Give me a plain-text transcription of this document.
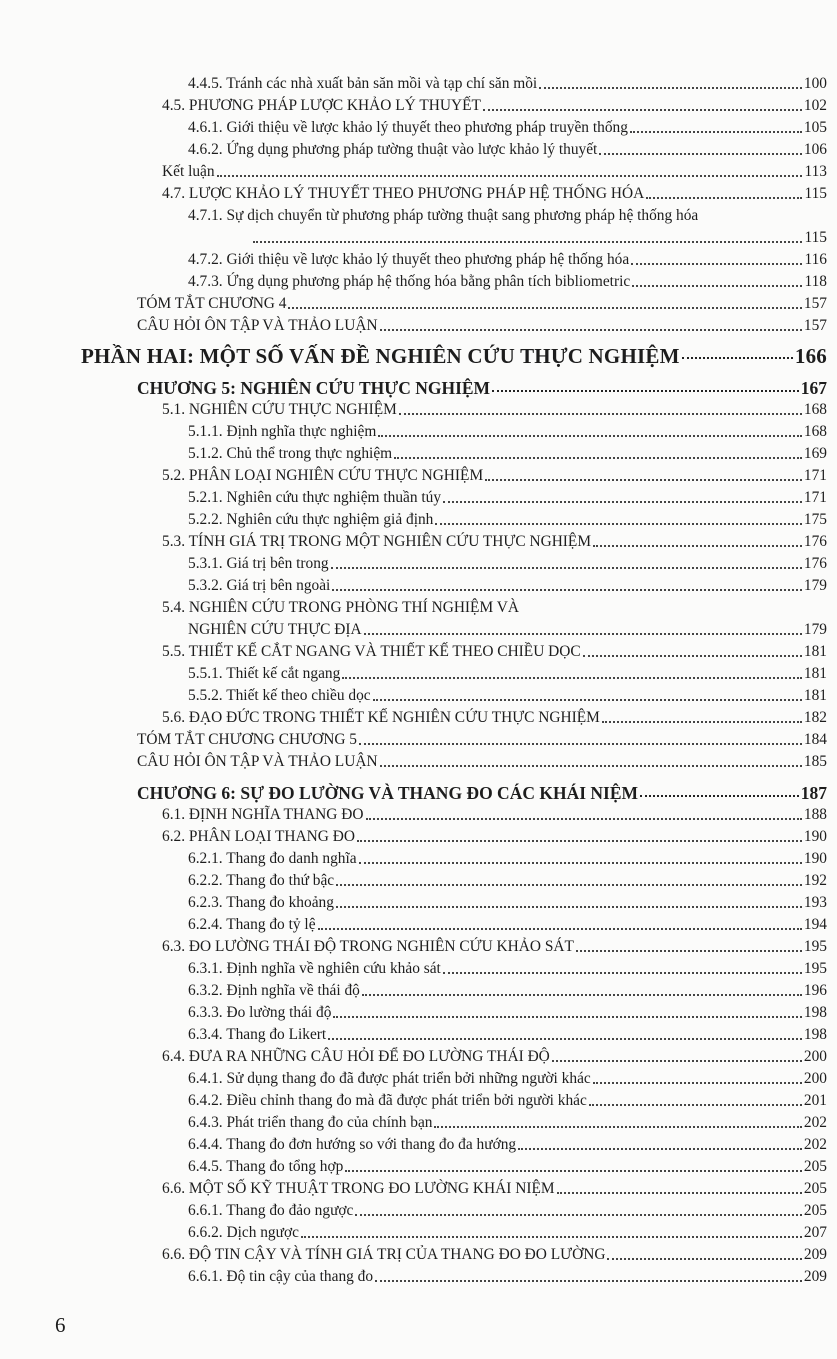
4.4.5. Tránh các nhà xuất bản săn mồi và tạp chí săn mồi	100
4.5. PHƯƠNG PHÁP LƯỢC KHẢO LÝ THUYẾT	102
4.6.1. Giới thiệu về lược khảo lý thuyết theo phương pháp truyền thống	105
4.6.2. Ứng dụng phương pháp tường thuật vào lược khảo lý thuyết	106
Kết luận	113
4.7. LƯỢC KHẢO LÝ THUYẾT THEO PHƯƠNG PHÁP HỆ THỐNG HÓA	115
4.7.1. Sự dịch chuyển từ phương pháp tường thuật sang phương pháp hệ thống hóa
115
4.7.2. Giới thiệu về lược khảo lý thuyết theo phương pháp hệ thống hóa	116
4.7.3. Ứng dụng phương pháp hệ thống hóa bằng phân tích bibliometric	118
TÓM TẮT CHƯƠNG 4	157
CÂU HỎI ÔN TẬP VÀ THẢO LUẬN	157
PHẦN HAI: MỘT SỐ VẤN ĐỀ NGHIÊN CỨU THỰC NGHIỆM	166
CHƯƠNG 5: NGHIÊN CỨU THỰC NGHIỆM	167
5.1. NGHIÊN CỨU THỰC NGHIỆM	168
5.1.1. Định nghĩa thực nghiệm	168
5.1.2. Chủ thể trong thực nghiệm	169
5.2. PHÂN LOẠI NGHIÊN CỨU THỰC NGHIỆM	171
5.2.1. Nghiên cứu thực nghiệm thuần túy	171
5.2.2. Nghiên cứu thực nghiệm giả định	175
5.3. TÍNH GIÁ TRỊ TRONG MỘT NGHIÊN CỨU THỰC NGHIỆM	176
5.3.1. Giá trị bên trong	176
5.3.2. Giá trị bên ngoài	179
5.4. NGHIÊN CỨU TRONG PHÒNG THÍ NGHIỆM VÀ
NGHIÊN CỨU THỰC ĐỊA	179
5.5. THIẾT KẾ CẮT NGANG VÀ THIẾT KẾ THEO CHIỀU DỌC	181
5.5.1. Thiết kế cắt ngang	181
5.5.2. Thiết kế theo chiều dọc	181
5.6. ĐẠO ĐỨC TRONG THIẾT KẾ NGHIÊN CỨU THỰC NGHIỆM	182
TÓM TẮT CHƯƠNG CHƯƠNG 5	184
CÂU HỎI ÔN TẬP VÀ THẢO LUẬN	185
CHƯƠNG 6: SỰ ĐO LƯỜNG VÀ THANG ĐO CÁC KHÁI NIỆM	187
6.1. ĐỊNH NGHĨA THANG ĐO	188
6.2. PHÂN LOẠI THANG ĐO	190
6.2.1. Thang đo danh nghĩa	190
6.2.2. Thang đo thứ bậc	192
6.2.3. Thang đo khoảng	193
6.2.4. Thang đo tỷ lệ	194
6.3. ĐO LƯỜNG THÁI ĐỘ TRONG NGHIÊN CỨU KHẢO SÁT	195
6.3.1. Định nghĩa về nghiên cứu khảo sát	195
6.3.2. Định nghĩa về thái độ	196
6.3.3. Đo lường thái độ	198
6.3.4. Thang đo Likert	198
6.4. ĐƯA RA NHỮNG CÂU HỎI ĐỂ ĐO LƯỜNG THÁI ĐỘ	200
6.4.1. Sử dụng thang đo đã được phát triển bởi những người khác	200
6.4.2. Điều chỉnh thang đo mà đã được phát triển bởi người khác	201
6.4.3. Phát triển thang đo của chính bạn	202
6.4.4. Thang đo đơn hướng so với thang đo đa hướng	202
6.4.5. Thang đo tổng hợp	205
6.6. MỘT SỐ KỸ THUẬT TRONG ĐO LƯỜNG KHÁI NIỆM	205
6.6.1. Thang đo đảo ngược	205
6.6.2. Dịch ngược	207
6.6. ĐỘ TIN CẬY VÀ TÍNH GIÁ TRỊ CỦA THANG ĐO ĐO LƯỜNG	209
6.6.1. Độ tin cậy của thang đo	209
6
